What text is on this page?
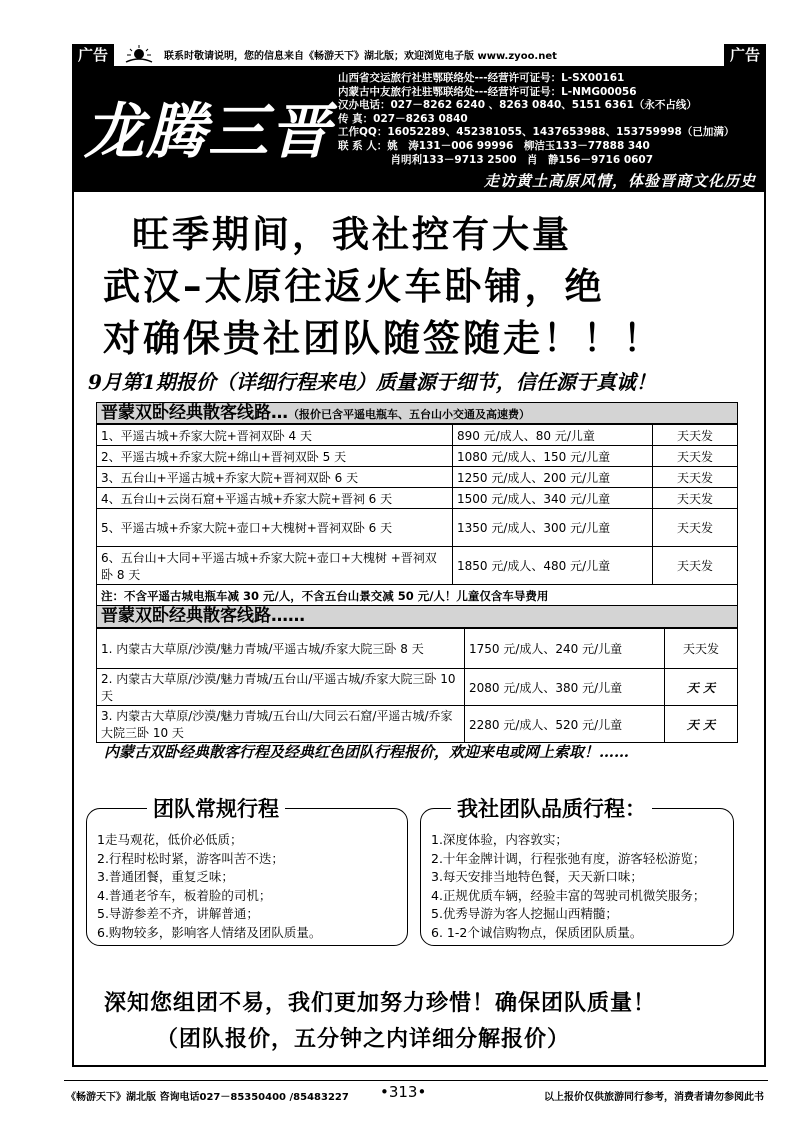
广告	联系时敬请说明，您的信息来自《畅游天下》湖北版；欢迎浏览电子版 www.zyoo.net	广告
龙腾三晋
山西省交运旅行社驻鄂联络处---经营许可证号：L-SX00161
内蒙古中友旅行社驻鄂联络处---经营许可证号：L-NMG00056
汉办电话：027－8262 6240 、8263 0840、5151 6361（永不占线）
传 真：027－8263 0840
工作QQ：16052289、452381055、1437653988、153759998（已加满）
联 系 人：姚　涛131－006 99996　柳洁玉133－77888 340
　　　　　肖明利133－9713 2500　肖　静156－9716 0607
走访黄土高原风情，体验晋商文化历史
旺季期间，我社控有大量
武汉–太原往返火车卧铺，绝
对确保贵社团队随签随走！！！
9月第1期报价（详细行程来电）质量源于细节，信任源于真诚！
晋蒙双卧经典散客线路…（报价已含平遥电瓶车、五台山小交通及高速费）
1、平遥古城+乔家大院+晋祠双卧 4 天	890 元/成人、80 元/儿童	天天发
2、平遥古城+乔家大院+绵山+晋祠双卧 5 天	1080 元/成人、150 元/儿童	天天发
3、五台山+平遥古城+乔家大院+晋祠双卧 6 天	1250 元/成人、200 元/儿童	天天发
4、五台山+云岗石窟+平遥古城+乔家大院+晋祠 6 天	1500 元/成人、340 元/儿童	天天发
5、平遥古城+乔家大院+壶口+大槐树+晋祠双卧 6 天	1350 元/成人、300 元/儿童	天天发
6、五台山+大同+平遥古城+乔家大院+壶口+大槐树 +晋祠双卧 8 天	1850 元/成人、480 元/儿童	天天发
注：不含平遥古城电瓶车减 30 元/人，不含五台山景交减 50 元/人！儿童仅含车导费用
晋蒙双卧经典散客线路……
1. 内蒙古大草原/沙漠/魅力青城/平遥古城/乔家大院三卧 8 天	1750 元/成人、240 元/儿童	天天发
2. 内蒙古大草原/沙漠/魅力青城/五台山/平遥古城/乔家大院三卧 10 天	2080 元/成人、380 元/儿童	天 天
3. 内蒙古大草原/沙漠/魅力青城/五台山/大同云石窟/平遥古城/乔家大院三卧 10 天	2280 元/成人、520 元/儿童	天 天
内蒙古双卧经典散客行程及经典红色团队行程报价，欢迎来电或网上索取！……
团队常规行程
1走马观花，低价必低质；
2.行程时松时紧，游客叫苦不迭；
3.普通团餐，重复乏味；
4.普通老爷车，板着脸的司机；
5.导游参差不齐，讲解普通；
6.购物较多，影响客人情绪及团队质量。
我社团队品质行程：
1.深度体验，内容敦实；
2.十年金牌计调，行程张弛有度，游客轻松游览；
3.每天安排当地特色餐，天天新口味；
4.正规优质车辆，经验丰富的驾驶司机微笑服务；
5.优秀导游为客人挖掘山西精髓；
6. 1-2个诚信购物点，保质团队质量。
深知您组团不易，我们更加努力珍惜！确保团队质量！
（团队报价，五分钟之内详细分解报价）
《畅游天下》湖北版 咨询电话027－85350400 /85483227 •313•	以上报价仅供旅游同行参考，消费者请勿参阅此书
